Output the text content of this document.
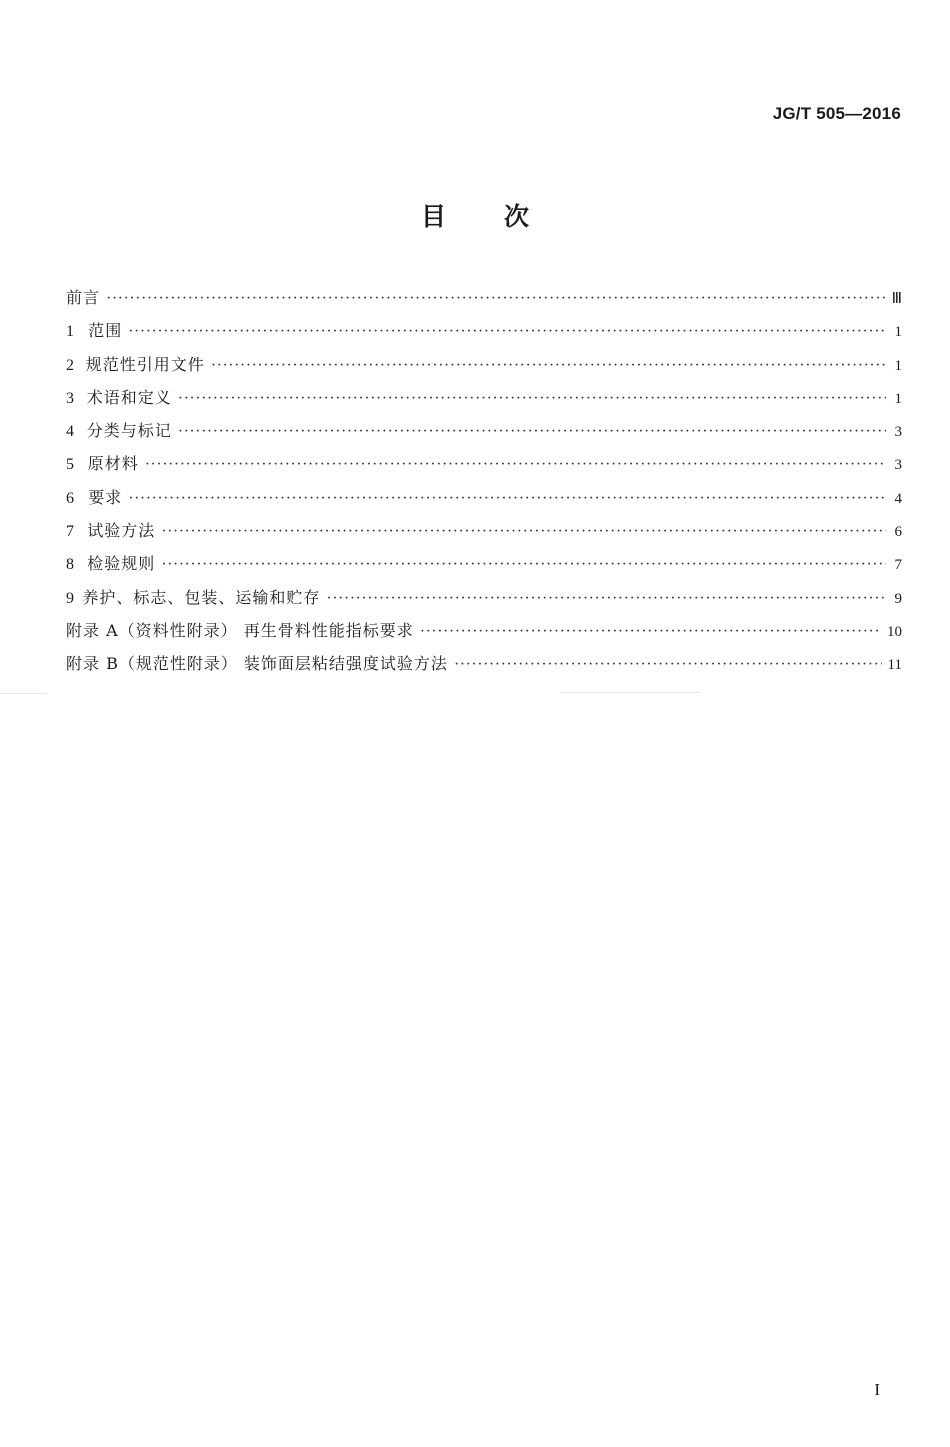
JG/T 505—2016
目 次
前言 ·····	Ⅲ
1 范围 ·····	1
2 规范性引用文件 ·····	1
3 术语和定义 ·····	1
4 分类与标记 ·····	3
5 原材料 ·····	3
6 要求 ·····	4
7 试验方法 ·····	6
8 检验规则 ·····	7
9 养护、标志、包装、运输和贮存 ·····	9
附录 A（资料性附录） 再生骨料性能指标要求 ·····	10
附录 B（规范性附录） 装饰面层粘结强度试验方法 ·····	11
I
